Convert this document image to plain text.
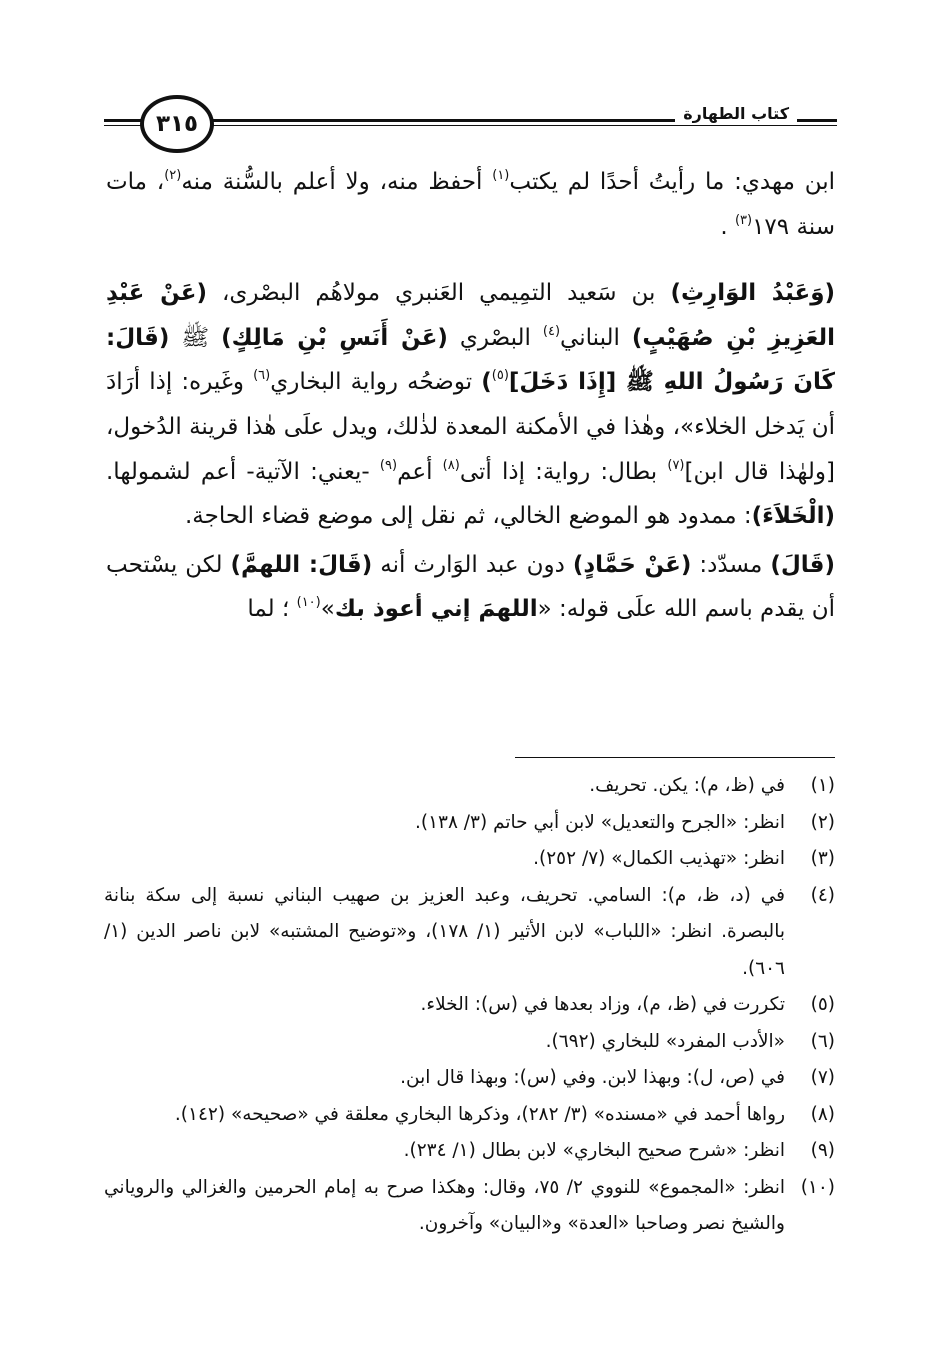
كتاب الطهارة
٣١٥

ابن مهدي: ما رأيتُ أحدًا لم يكتب$^{(١)}$ أحفظ منه، ولا أعلم بالسُّنة منه$^{(٢)}$، مات سنة ١٧٩$^{(٣)}$ .

(وَعَبْدُ الوَارِثِ) بن سَعيد التمِيمي العَنبري مولاهُم البصْرى، (عَنْ عَبْدِ العَزِيزِ بْنِ صُهَيْبٍ) البناني$^{(٤)}$ البصْري (عَنْ أَنَسِ بْنِ مَالِكٍ) ﷺ (قَالَ: كَانَ رَسُولُ اللهِ ﷺ [إِذَا دَخَلَ]$^{(٥)}$) توضحُه رواية البخاري$^{(٦)}$ وغَيره: إذا أرَادَ أن يَدخل الخلاء»، وهٰذا في الأمكنة المعدة لذٰلك، ويدل علَى هٰذا قرينة الدُخول، [ولهٰذا قال ابن]$^{(٧)}$ بطال: رواية: إذا أتى$^{(٨)}$ أعم$^{(٩)}$ -يعني: الآتية- أعم لشمولها. (الْخَلاَءَ): ممدود هو الموضع الخالي، ثم نقل إلى موضع قضاء الحاجة.

(قَالَ) مسدّد: (عَنْ حَمَّادٍ) دون عبد الوَارث أنه (قَالَ: اللهمَّ) لكن يسْتحب أن يقدم باسم الله علَى قوله: «اللهمَ إني أعوذ بك»$^{(١٠)}$ ؛ لما

(١)
في (ظ، م): يكن. تحريف.
(٢)
انظر: «الجرح والتعديل» لابن أبي حاتم (٣/ ١٣٨).
(٣)
انظر: «تهذيب الكمال» (٧/ ٢٥٢).
(٤)
في (د، ظ، م): السامي. تحريف، وعبد العزيز بن صهيب البناني نسبة إلى سكة بنانة بالبصرة. انظر: «اللباب» لابن الأثير (١/ ١٧٨)، و«توضيح المشتبه» لابن ناصر الدين (١/ ٦٠٦).
(٥)
تكررت في (ظ، م)، وزاد بعدها في (س): الخلاء.
(٦)
«الأدب المفرد» للبخاري (٦٩٢).
(٧)
في (ص، ل): وبهذا لابن. وفي (س): وبهذا قال ابن.
(٨)
رواها أحمد في «مسنده» (٣/ ٢٨٢)، وذكرها البخاري معلقة في «صحيحه» (١٤٢).
(٩)
انظر: «شرح صحيح البخاري» لابن بطال (١/ ٢٣٤).
(١٠)
انظر: «المجموع» للنووي ٢/ ٧٥، وقال: وهكذا صرح به إمام الحرمين والغزالي والروياني والشيخ نصر وصاحبا «العدة» و«البيان» وآخرون.
